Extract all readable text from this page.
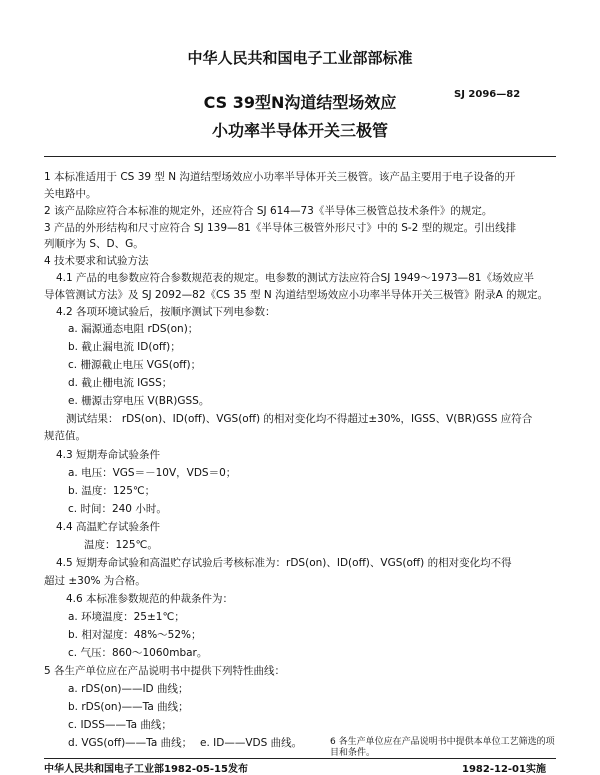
中华人民共和国电子工业部部标准
CS 39型N沟道结型场效应
小功率半导体开关三极管
SJ 2096—82
1 本标准适用于 CS 39 型 N 沟道结型场效应小功率半导体开关三极管。该产品主要用于电子设备的开
关电路中。
2 该产品除应符合本标准的规定外，还应符合 SJ 614—73《半导体三极管总技术条件》的规定。
3 产品的外形结构和尺寸应符合 SJ 139—81《半导体三极管外形尺寸》中的 S-2 型的规定。引出线排
列顺序为 S、D、G。
4 技术要求和试验方法
4.1 产品的电参数应符合参数规范表的规定。电参数的测试方法应符合SJ 1949～1973—81《场效应半
导体管测试方法》及 SJ 2092—82《CS 35 型 N 沟道结型场效应小功率半导体开关三极管》附录A 的规定。
4.2 各项环境试验后，按顺序测试下列电参数：
a. 漏源通态电阻 rDS(on)；
b. 截止漏电流 ID(off)；
c. 栅源截止电压 VGS(off)；
d. 截止栅电流 IGSS；
e. 栅源击穿电压 V(BR)GSS。
测试结果： rDS(on)、ID(off)、VGS(off) 的相对变化均不得超过±30%，IGSS、V(BR)GSS 应符合
规范值。
4.3 短期寿命试验条件
a. 电压：VGS＝－10V，VDS＝0；
b. 温度：125℃；
c. 时间：240 小时。
4.4 高温贮存试验条件
温度：125℃。
4.5 短期寿命试验和高温贮存试验后考核标准为：rDS(on)、ID(off)、VGS(off) 的相对变化均不得
超过 ±30% 为合格。
4.6 本标准参数规范的仲裁条件为：
a. 环境温度：25±1℃；
b. 相对湿度：48%～52%；
c. 气压：860～1060mbar。
5 各生产单位应在产品说明书中提供下列特性曲线：
a. rDS(on)——ID 曲线；
b. rDS(on)——Ta 曲线；
c. IDSS——Ta 曲线；
d. VGS(off)——Ta 曲线； e. ID——VDS 曲线。	6 各生产单位应在产品说明书中提供本单位工艺筛选的项目和条件。
中华人民共和国电子工业部1982-05-15发布	1982-12-01实施
